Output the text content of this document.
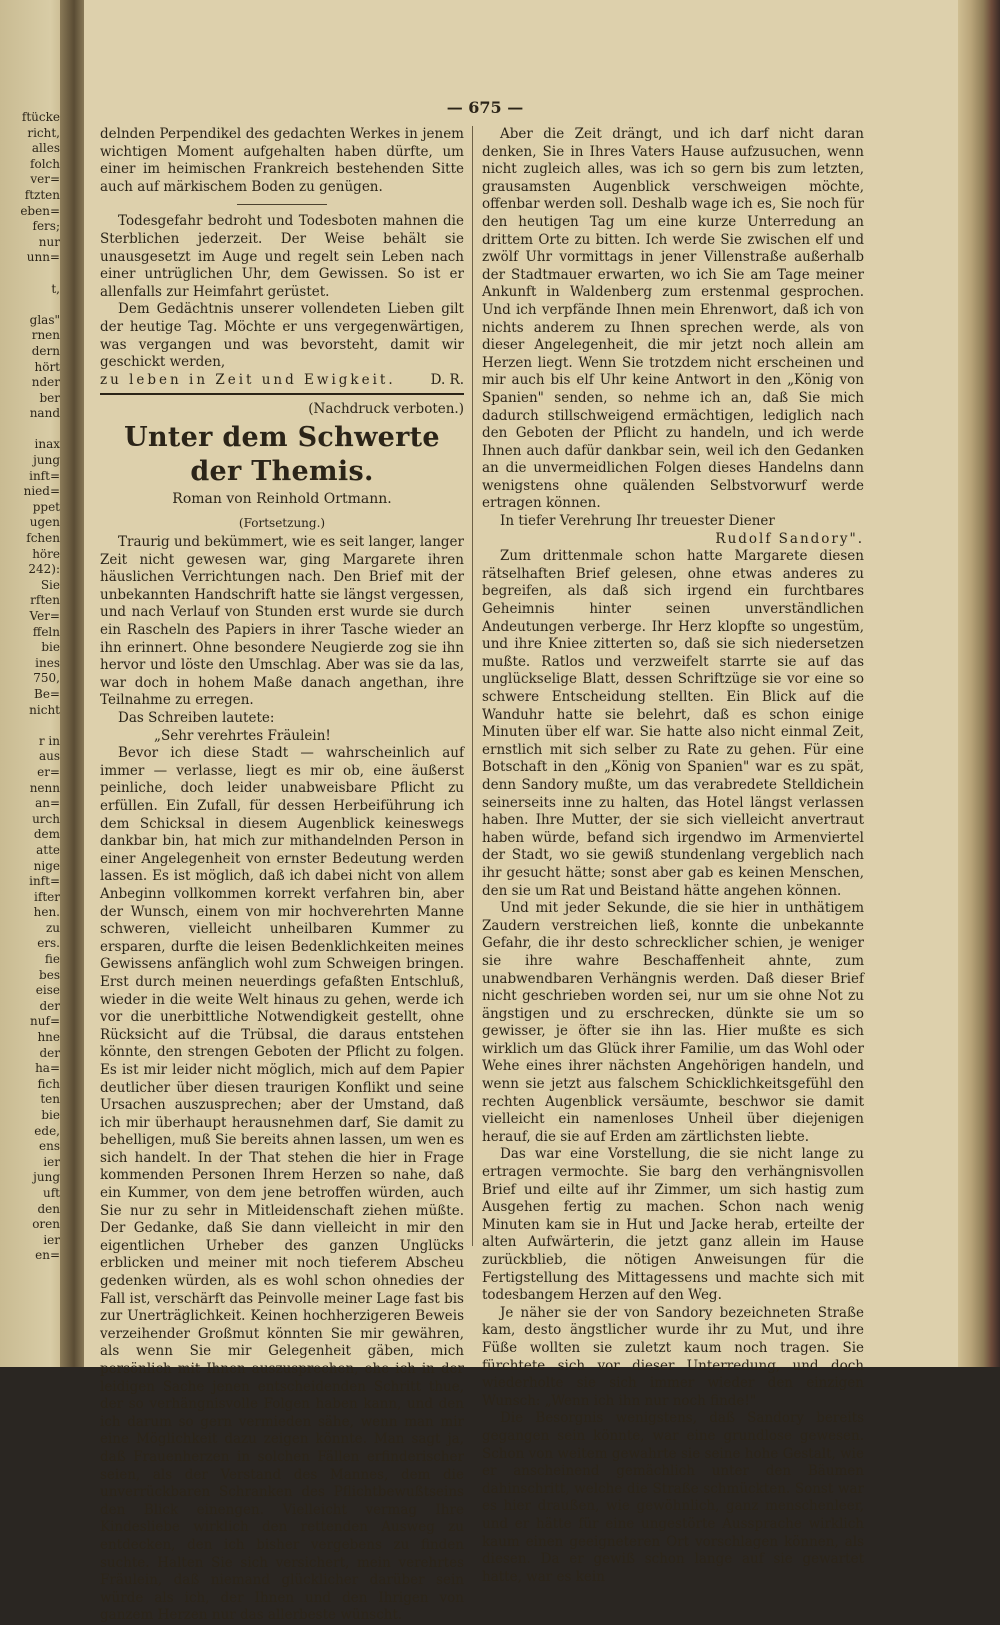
ftücke
richt,
alles
folch
ver=
ftzten
eben=
fers;
nur
unn=

t,

glas"
rnen
dern
hört
nder
ber
nand

inax
jung
inft=
nied=
ppet
ugen
fchen
höre
242):
Sie
rften
Ver=
ffeln
bie
ines
750,
Be=
nicht

r in
aus
er=
nenn
an=
urch
dem
atte
nige
inft=
ifter
hen.
zu
ers.
fie
bes
eise
der
nuf=
hne
der
ha=
fich
ten
bie
ede,
ens
ier
jung
uft
den
oren
ier
en=
— 675 —

delnden Perpendikel des gedachten Werkes in jenem wichtigen Moment aufgehalten haben dürfte, um einer im heimischen Frankreich bestehenden Sitte auch auf märkischem Boden zu genügen.

Todesgefahr bedroht und Todesboten mahnen die Sterblichen jederzeit. Der Weise behält sie unausgesetzt im Auge und regelt sein Leben nach einer untrüglichen Uhr, dem Gewissen. So ist er allenfalls zur Heimfahrt gerüstet.

Dem Gedächtnis unserer vollendeten Lieben gilt der heutige Tag. Möchte er uns vergegenwärtigen, was vergangen und was bevorsteht, damit wir geschickt werden,

zu leben in Zeit und Ewigkeit.	D. R.

(Nachdruck verboten.)
Unter dem Schwerte der Themis.
Roman von Reinhold Ortmann.
(Fortsetzung.)

Traurig und bekümmert, wie es seit langer, langer Zeit nicht gewesen war, ging Margarete ihren häuslichen Verrichtungen nach. Den Brief mit der unbekannten Handschrift hatte sie längst vergessen, und nach Verlauf von Stunden erst wurde sie durch ein Rascheln des Papiers in ihrer Tasche wieder an ihn erinnert. Ohne besondere Neugierde zog sie ihn hervor und löste den Umschlag. Aber was sie da las, war doch in hohem Maße danach angethan, ihre Teilnahme zu erregen.

Das Schreiben lautete:

„Sehr verehrtes Fräulein!

Bevor ich diese Stadt — wahrscheinlich auf immer — verlasse, liegt es mir ob, eine äußerst peinliche, doch leider unabweisbare Pflicht zu erfüllen. Ein Zufall, für dessen Herbeiführung ich dem Schicksal in diesem Augenblick keineswegs dankbar bin, hat mich zur mithandelnden Person in einer Angelegenheit von ernster Bedeutung werden lassen. Es ist möglich, daß ich dabei nicht von allem Anbeginn vollkommen korrekt verfahren bin, aber der Wunsch, einem von mir hochverehrten Manne schweren, vielleicht unheilbaren Kummer zu ersparen, durfte die leisen Bedenklichkeiten meines Gewissens anfänglich wohl zum Schweigen bringen. Erst durch meinen neuerdings gefaßten Entschluß, wieder in die weite Welt hinaus zu gehen, werde ich vor die unerbittliche Notwendigkeit gestellt, ohne Rücksicht auf die Trübsal, die daraus entstehen könnte, den strengen Geboten der Pflicht zu folgen. Es ist mir leider nicht möglich, mich auf dem Papier deutlicher über diesen traurigen Konflikt und seine Ursachen auszusprechen; aber der Umstand, daß ich mir überhaupt herausnehmen darf, Sie damit zu behelligen, muß Sie bereits ahnen lassen, um wen es sich handelt. In der That stehen die hier in Frage kommenden Personen Ihrem Herzen so nahe, daß ein Kummer, von dem jene betroffen würden, auch Sie nur zu sehr in Mitleidenschaft ziehen müßte. Der Gedanke, daß Sie dann vielleicht in mir den eigentlichen Urheber des ganzen Unglücks erblicken und meiner mit noch tieferem Abscheu gedenken würden, als es wohl schon ohnedies der Fall ist, verschärft das Peinvolle meiner Lage fast bis zur Unerträglichkeit. Keinen hochherzigeren Beweis verzeihender Großmut könnten Sie mir gewähren, als wenn Sie mir Gelegenheit gäben, mich persönlich mit Ihnen auszusprechen, ehe ich in der leidigen Sache jenen entscheidenden Schritt thue, der so verhängnisvolle Folgen haben kann, und den ich darum so gern vermieden sähe, wenn man mir eine Möglichkeit dazu zeigen könnte. Man sagt ja, daß Frauenherzen in solchen Fällen erfinderischer seien, als der Verstand des Mannes, dem die unverrückbaren Schranken des Pflichtbewußtseins den Blick einengen. Vielleicht vermag Ihre Kindesliebe wirklich den rettenden Ausweg zu entdecken, den ich bisher vergebens zu finden suchte. Halten Sie sich versichert, mein verehrtes Fräulein, daß niemand glücklicher darüber sein würde als ich, der Ihnen und den Ihrigen von ganzem Herzen nur das allerbeste wünscht.

Aber die Zeit drängt, und ich darf nicht daran denken, Sie in Ihres Vaters Hause aufzusuchen, wenn nicht zugleich alles, was ich so gern bis zum letzten, grausamsten Augenblick verschweigen möchte, offenbar werden soll. Deshalb wage ich es, Sie noch für den heutigen Tag um eine kurze Unterredung an drittem Orte zu bitten. Ich werde Sie zwischen elf und zwölf Uhr vormittags in jener Villenstraße außerhalb der Stadtmauer erwarten, wo ich Sie am Tage meiner Ankunft in Waldenberg zum erstenmal gesprochen. Und ich verpfände Ihnen mein Ehrenwort, daß ich von nichts anderem zu Ihnen sprechen werde, als von dieser Angelegenheit, die mir jetzt noch allein am Herzen liegt. Wenn Sie trotzdem nicht erscheinen und mir auch bis elf Uhr keine Antwort in den „König von Spanien" senden, so nehme ich an, daß Sie mich dadurch stillschweigend ermächtigen, lediglich nach den Geboten der Pflicht zu handeln, und ich werde Ihnen auch dafür dankbar sein, weil ich den Gedanken an die unvermeidlichen Folgen dieses Handelns dann wenigstens ohne quälenden Selbstvorwurf werde ertragen können.

In tiefer Verehrung Ihr treuester Diener

Rudolf Sandory".

Zum drittenmale schon hatte Margarete diesen rätselhaften Brief gelesen, ohne etwas anderes zu begreifen, als daß sich irgend ein furchtbares Geheimnis hinter seinen unverständlichen Andeutungen verberge. Ihr Herz klopfte so ungestüm, und ihre Kniee zitterten so, daß sie sich niedersetzen mußte. Ratlos und verzweifelt starrte sie auf das unglückselige Blatt, dessen Schriftzüge sie vor eine so schwere Entscheidung stellten. Ein Blick auf die Wanduhr hatte sie belehrt, daß es schon einige Minuten über elf war. Sie hatte also nicht einmal Zeit, ernstlich mit sich selber zu Rate zu gehen. Für eine Botschaft in den „König von Spanien" war es zu spät, denn Sandory mußte, um das verabredete Stelldichein seinerseits inne zu halten, das Hotel längst verlassen haben. Ihre Mutter, der sie sich vielleicht anvertraut haben würde, befand sich irgendwo im Armenviertel der Stadt, wo sie gewiß stundenlang vergeblich nach ihr gesucht hätte; sonst aber gab es keinen Menschen, den sie um Rat und Beistand hätte angehen können.

Und mit jeder Sekunde, die sie hier in unthätigem Zaudern verstreichen ließ, konnte die unbekannte Gefahr, die ihr desto schrecklicher schien, je weniger sie ihre wahre Beschaffenheit ahnte, zum unabwendbaren Verhängnis werden. Daß dieser Brief nicht geschrieben worden sei, nur um sie ohne Not zu ängstigen und zu erschrecken, dünkte sie um so gewisser, je öfter sie ihn las. Hier mußte es sich wirklich um das Glück ihrer Familie, um das Wohl oder Wehe eines ihrer nächsten Angehörigen handeln, und wenn sie jetzt aus falschem Schicklichkeitsgefühl den rechten Augenblick versäumte, beschwor sie damit vielleicht ein namenloses Unheil über diejenigen herauf, die sie auf Erden am zärtlichsten liebte.

Das war eine Vorstellung, die sie nicht lange zu ertragen vermochte. Sie barg den verhängnisvollen Brief und eilte auf ihr Zimmer, um sich hastig zum Ausgehen fertig zu machen. Schon nach wenig Minuten kam sie in Hut und Jacke herab, erteilte der alten Aufwärterin, die jetzt ganz allein im Hause zurückblieb, die nötigen Anweisungen für die Fertigstellung des Mittagessens und machte sich mit todesbangem Herzen auf den Weg.

Je näher sie der von Sandory bezeichneten Straße kam, desto ängstlicher wurde ihr zu Mut, und ihre Füße wollten sie zuletzt kaum noch tragen. Sie fürchtete sich vor dieser Unterredung, und doch wiederholte sie sich immer wieder den einzigen Wunsch: „Wenn ich ihn nur noch finde!"

Die Besorgnis wenigstens, daß Sandory bereits gegangen sein könnte, war eine grundlose gewesen. Schon von weitem gewahrte sie seine hohe Gestalt, wie er anscheinend gemächlich unter den Bäumen dahinschritt, welche die Straße schmückten. Sonst war es hier draußen, wie gewöhnlich, ganz menschenleer, und er hätte für eine ungestörte Aussprache wirklich kaum einen geeigneteren Ort vorschlagen können, als diesen. Da er gewiß schon lange auf sie gewartet hatte, war es kein
